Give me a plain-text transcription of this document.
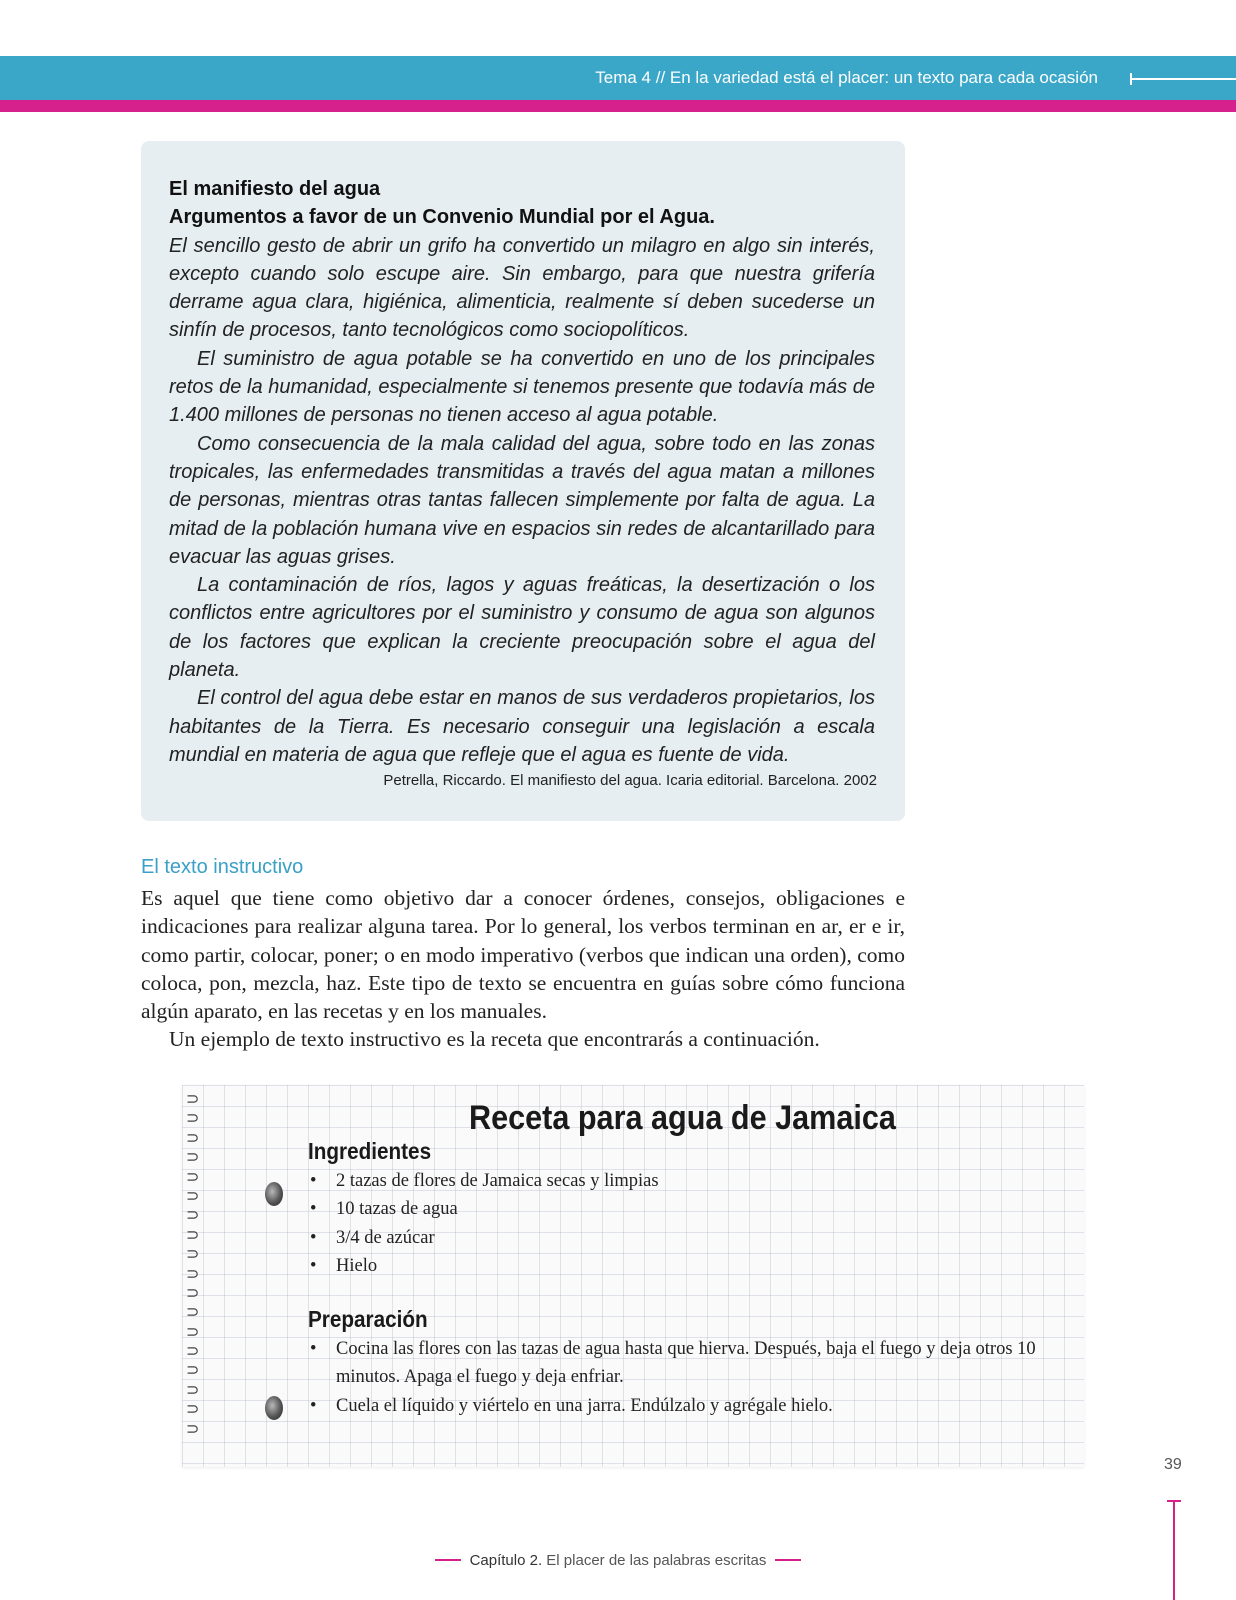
Tema 4 // En la variedad está el placer: un texto para cada ocasión
El manifiesto del agua
Argumentos a favor de un Convenio Mundial por el Agua.

El sencillo gesto de abrir un grifo ha convertido un milagro en algo sin interés, excepto cuando solo escupe aire. Sin embargo, para que nuestra grifería derrame agua clara, higiénica, alimenticia, realmente sí deben sucederse un sinfín de procesos, tanto tecnológicos como sociopolíticos.

El suministro de agua potable se ha convertido en uno de los principales retos de la humanidad, especialmente si tenemos presente que todavía más de 1.400 millones de personas no tienen acceso al agua potable.

Como consecuencia de la mala calidad del agua, sobre todo en las zonas tropicales, las enfermedades transmitidas a través del agua matan a millones de personas, mientras otras tantas fallecen simplemente por falta de agua. La mitad de la población humana vive en espacios sin redes de alcantarillado para evacuar las aguas grises.

La contaminación de ríos, lagos y aguas freáticas, la desertización o los conflictos entre agricultores por el suministro y consumo de agua son algunos de los factores que explican la creciente preocupación sobre el agua del planeta.

El control del agua debe estar en manos de sus verdaderos propietarios, los habitantes de la Tierra. Es necesario conseguir una legislación a escala mundial en materia de agua que refleje que el agua es fuente de vida.

Petrella, Riccardo. El manifiesto del agua. Icaria editorial. Barcelona. 2002
El texto instructivo

Es aquel que tiene como objetivo dar a conocer órdenes, consejos, obligaciones e indicaciones para realizar alguna tarea. Por lo general, los verbos terminan en ar, er e ir, como partir, colocar, poner; o en modo imperativo (verbos que indican una orden), como coloca, pon, mezcla, haz. Este tipo de texto se encuentra en guías sobre cómo funciona algún aparato, en las recetas y en los manuales.

Un ejemplo de texto instructivo es la receta que encontrarás a continuación.

⊃
⊃
⊃
⊃
⊃
⊃
⊃
⊃
⊃
⊃
⊃
⊃
⊃
⊃
⊃
⊃
⊃
⊃
Receta para agua de Jamaica
Ingredientes
• 2 tazas de flores de Jamaica secas y limpias
• 10 tazas de agua
• 3/4 de azúcar
• Hielo
Preparación
• Cocina las flores con las tazas de agua hasta que hierva. Después, baja el fuego y deja otros 10 minutos. Apaga el fuego y deja enfriar.
• Cuela el líquido y viértelo en una jarra. Endúlzalo y agrégale hielo.
39
Capítulo 2. El placer de las palabras escritas
